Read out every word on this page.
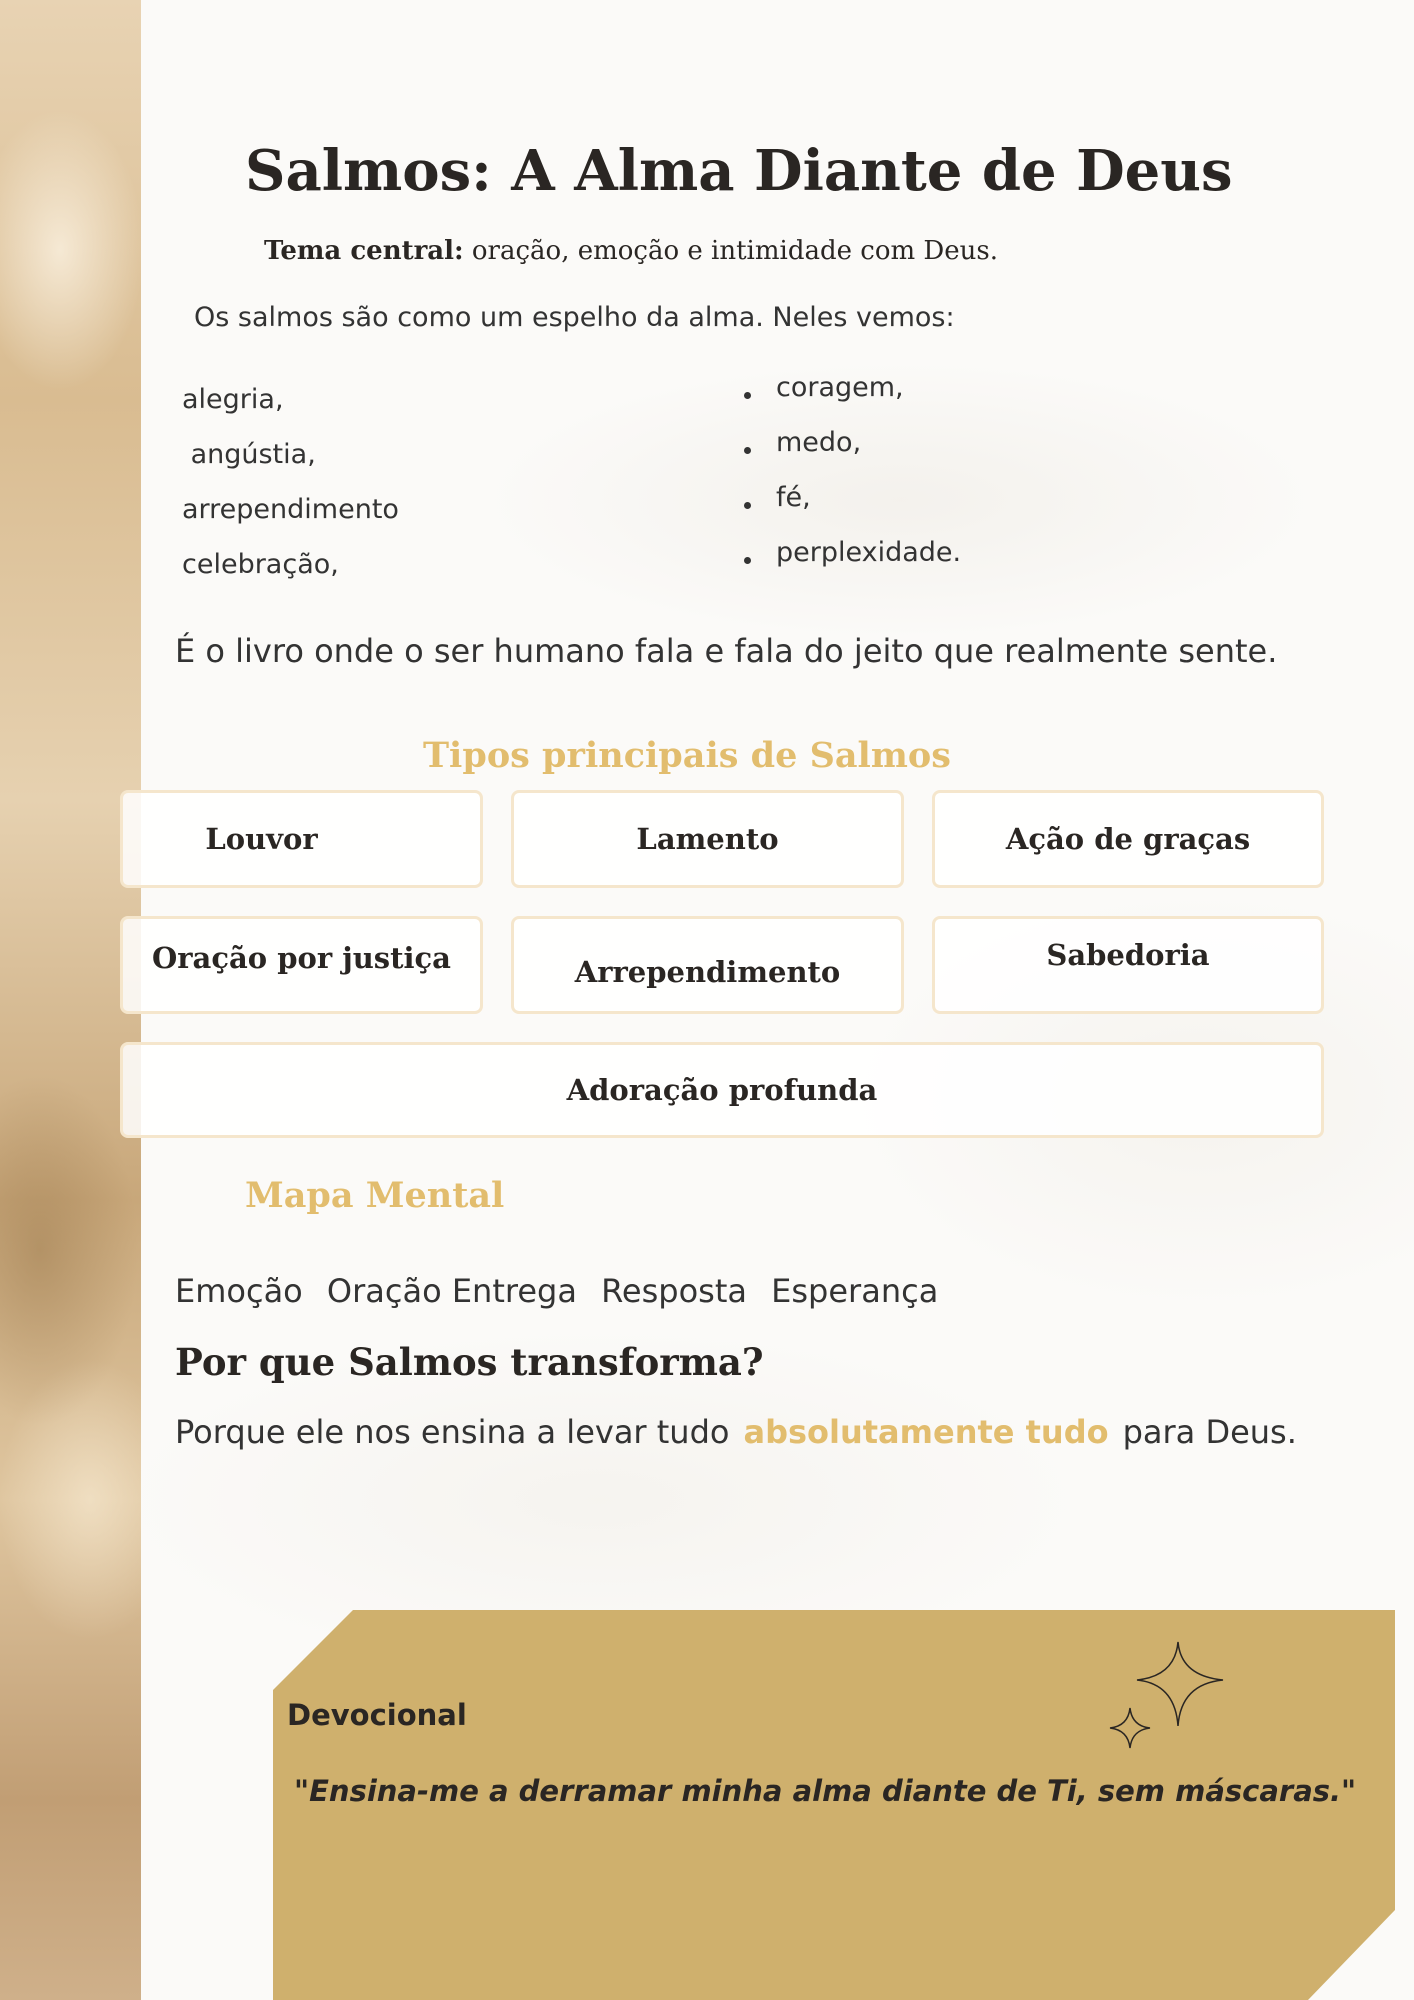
Salmos: A Alma Diante de Deus
Tema central: oração, emoção e intimidade com Deus.
Os salmos são como um espelho da alma. Neles vemos:
alegria,
angústia,
arrependimento
celebração,
coragem,
medo,
fé,
perplexidade.
É o livro onde o ser humano fala e fala do jeito que realmente sente.
Tipos principais de Salmos
Louvor	Lamento	Ação de graças
Oração por justiça	Arrependimento	Sabedoria
Adoração profunda
Mapa Mental
Emoção Oração Entrega Resposta Esperança
Por que Salmos transforma?
Porque ele nos ensina a levar tudo absolutamente tudo para Deus.
Devocional
"Ensina-me a derramar minha alma diante de Ti, sem máscaras."
